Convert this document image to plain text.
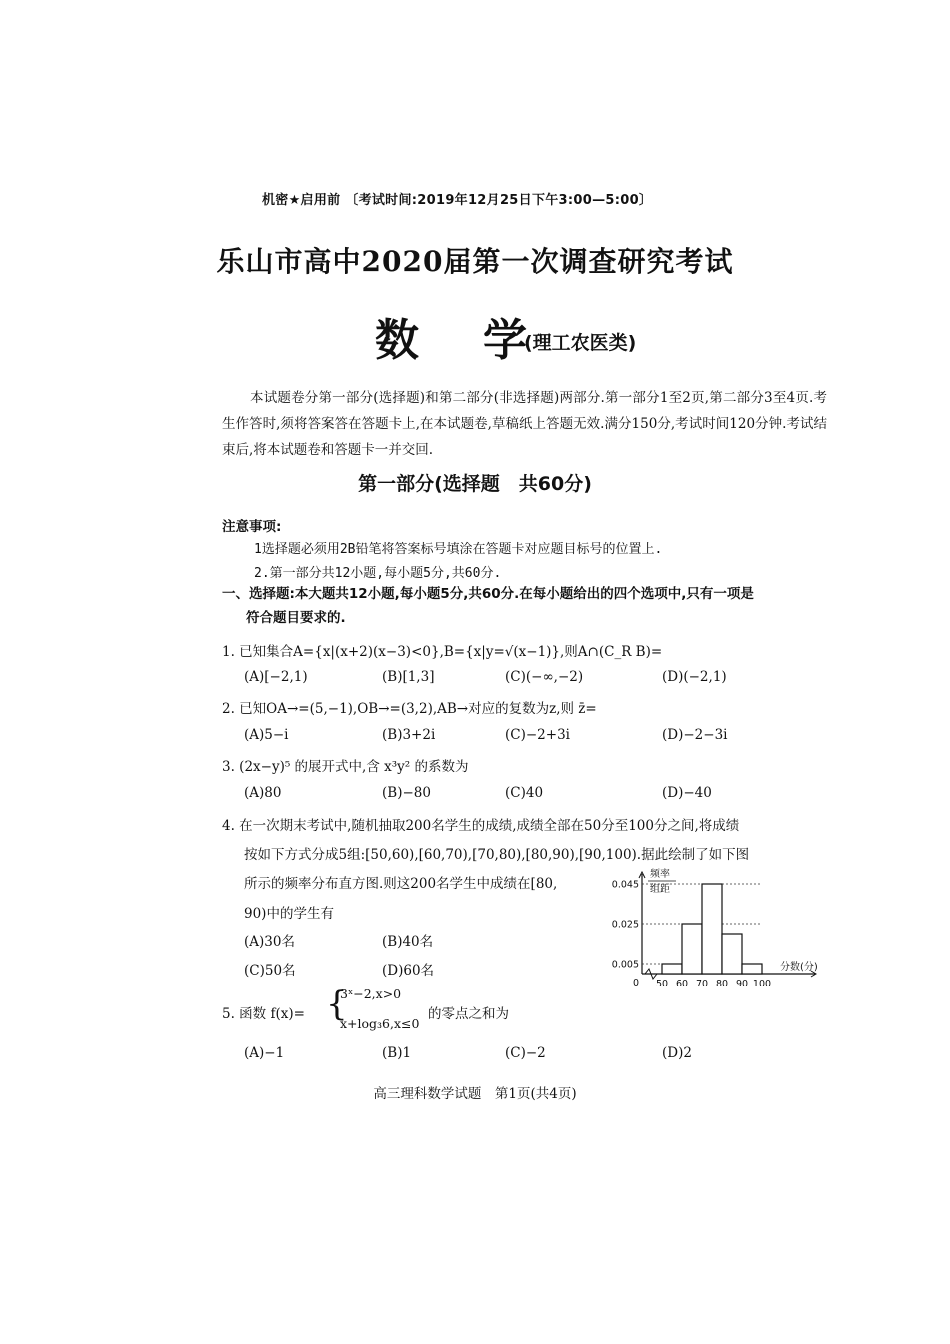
机密★启用前 〔考试时间:2019年12月25日下午3:00—5:00〕
乐山市高中2020届第一次调查研究考试
数 学
(理工农医类)
本试题卷分第一部分(选择题)和第二部分(非选择题)两部分.第一部分1至2页,第二部分3至4页.考生作答时,须将答案答在答题卡上,在本试题卷,草稿纸上答题无效.满分150分,考试时间120分钟.考试结束后,将本试题卷和答题卡一并交回.
第一部分(选择题　共60分)
注意事项:
1选择题必须用2B铅笔将答案标号填涂在答题卡对应题目标号的位置上.
2.第一部分共12小题,每小题5分,共60分.
一、选择题:本大题共12小题,每小题5分,共60分.在每小题给出的四个选项中,只有一项是
符合题目要求的.
1. 已知集合A={x|(x+2)(x−3)<0},B={x|y=√(x−1)},则A∩(C_R B)=
(A)[−2,1)	(B)[1,3]	(C)(−∞,−2)	(D)(−2,1)
2. 已知OA→=(5,−1),OB→=(3,2),AB→对应的复数为z,则 z̄=
(A)5−i	(B)3+2i	(C)−2+3i	(D)−2−3i
3. (2x−y)⁵ 的展开式中,含 x³y² 的系数为
(A)80	(B)−80	(C)40	(D)−40
4. 在一次期末考试中,随机抽取200名学生的成绩,成绩全部在50分至100分之间,将成绩
按如下方式分成5组:[50,60),[60,70),[70,80),[80,90),[90,100).据此绘制了如下图
所示的频率分布直方图.则这200名学生中成绩在[80,
90)中的学生有
(A)30名	(B)40名
(C)50名	(D)60名	0.005
0.025
0.045
50 60 70 80 90 100
0
频率
组距
分数(分)
5. 函数 f(x)= {
3ˣ−2,x>0
x+log₃6,x≤0
的零点之和为
(A)−1	(B)1	(C)−2	(D)2
高三理科数学试题　第1页(共4页)
